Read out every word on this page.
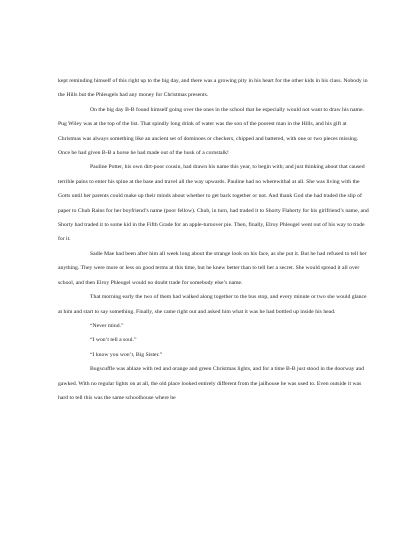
kept reminding himself of this right up to the big day, and there was a growing pity in his heart for the other kids in his class. Nobody in the Hills but the Phleugels had any money for Christmas presents.

On the big day B-B found himself going over the ones in the school that he especially would not want to draw his name. Pug Wiley was at the top of the list. That spindly long drink of water was the son of the poorest man in the Hills, and his gift at Christmas was always something like an ancient set of dominoes or checkers, chipped and battered, with one or two pieces missing. Once he had given B-B a horse he had made out of the husk of a cornstalk!

Pauline Potter, his own dirt-poor cousin, had drawn his name this year, to begin with; and just thinking about that caused terrible pains to enter his spine at the base and travel all the way upwards. Pauline had no wherewithal at all. She was living with the Gotts until her parents could make up their minds about whether to get back together or not. And thank God she had traded the slip of paper to Chub Rains for her boyfriend’s name (poor fellow). Chub, in turn, had traded it to Shorty Flaherty for his girlfriend’s name, and Shorty had traded it to some kid in the Fifth Grade for an apple-turnover pie. Then, finally, Elroy Phleugel went out of his way to trade for it.

Sadie Mae had been after him all week long about the strange look on his face, as she put it. But he had refused to tell her anything. They were more or less on good terms at this time, but he knew better than to tell her a secret. She would spread it all over school, and then Elroy Phleugel would no doubt trade for somebody else’s name.

That morning early the two of them had walked along together to the bus stop, and every minute or two she would glance at him and start to say something. Finally, she came right out and asked him what it was he had bottled up inside his head.

“Never mind.”

“I won’t tell a soul.”

“I know you won’t, Big Sister.”

Bugscuffle was ablaze with red and orange and green Christmas lights, and for a time B-B just stood in the doorway and gawked. With no regular lights on at all, the old place looked entirely different from the jailhouse he was used to. Even outside it was hard to tell this was the same schoolhouse where he
